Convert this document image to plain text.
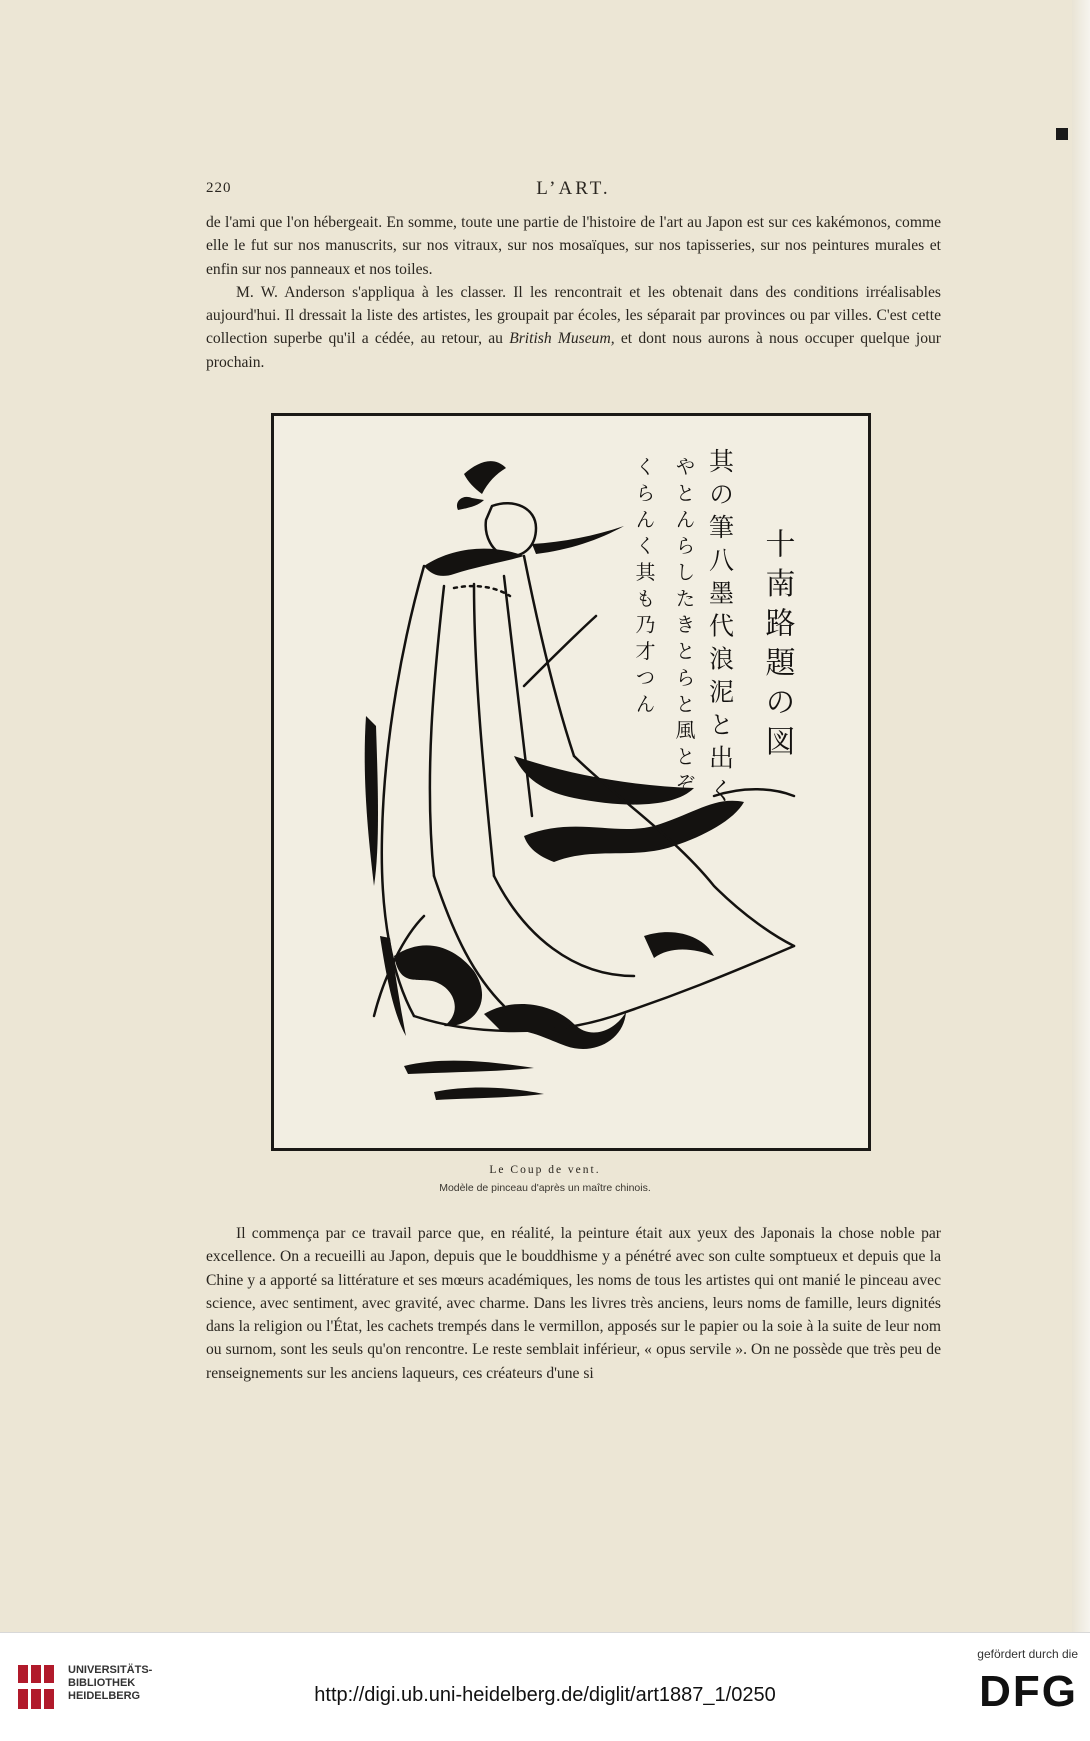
220	L’ART.

de l'ami que l'on hébergeait. En somme, toute une partie de l'histoire de l'art au Japon est sur ces kakémonos, comme elle le fut sur nos manuscrits, sur nos vitraux, sur nos mosaïques, sur nos tapisseries, sur nos peintures murales et enfin sur nos panneaux et nos toiles.

M. W. Anderson s'appliqua à les classer. Il les rencontrait et les obtenait dans des conditions irréalisables aujourd'hui. Il dressait la liste des artistes, les groupait par écoles, les séparait par provinces ou par villes. C'est cette collection superbe qu'il a cédée, au retour, au British Museum, et dont nous aurons à nous occuper quelque jour prochain.

十 南 路 題 の 図
其 の 筆 八 墨 代 浪 泥 と 出 く
や と ん ら し た き と ら と 風 と ぞ
く ら ん く 其 も 乃 才 つ ん
Le Coup de vent.
Modèle de pinceau d'après un maître chinois.

Il commença par ce travail parce que, en réalité, la peinture était aux yeux des Japonais la chose noble par excellence. On a recueilli au Japon, depuis que le bouddhisme y a pénétré avec son culte somptueux et depuis que la Chine y a apporté sa littérature et ses mœurs académiques, les noms de tous les artistes qui ont manié le pinceau avec science, avec sentiment, avec gravité, avec charme. Dans les livres très anciens, leurs noms de famille, leurs dignités dans la religion ou l'État, les cachets trempés dans le vermillon, apposés sur le papier ou la soie à la suite de leur nom ou surnom, sont les seuls qu'on rencontre. Le reste semblait inférieur, « opus servile ». On ne possède que très peu de renseignements sur les anciens laqueurs, ces créateurs d'une si

UNIVERSITÄTS-
BIBLIOTHEK
HEIDELBERG	http://digi.ub.uni-heidelberg.de/diglit/art1887_1/0250
gefördert durch die
DFG
